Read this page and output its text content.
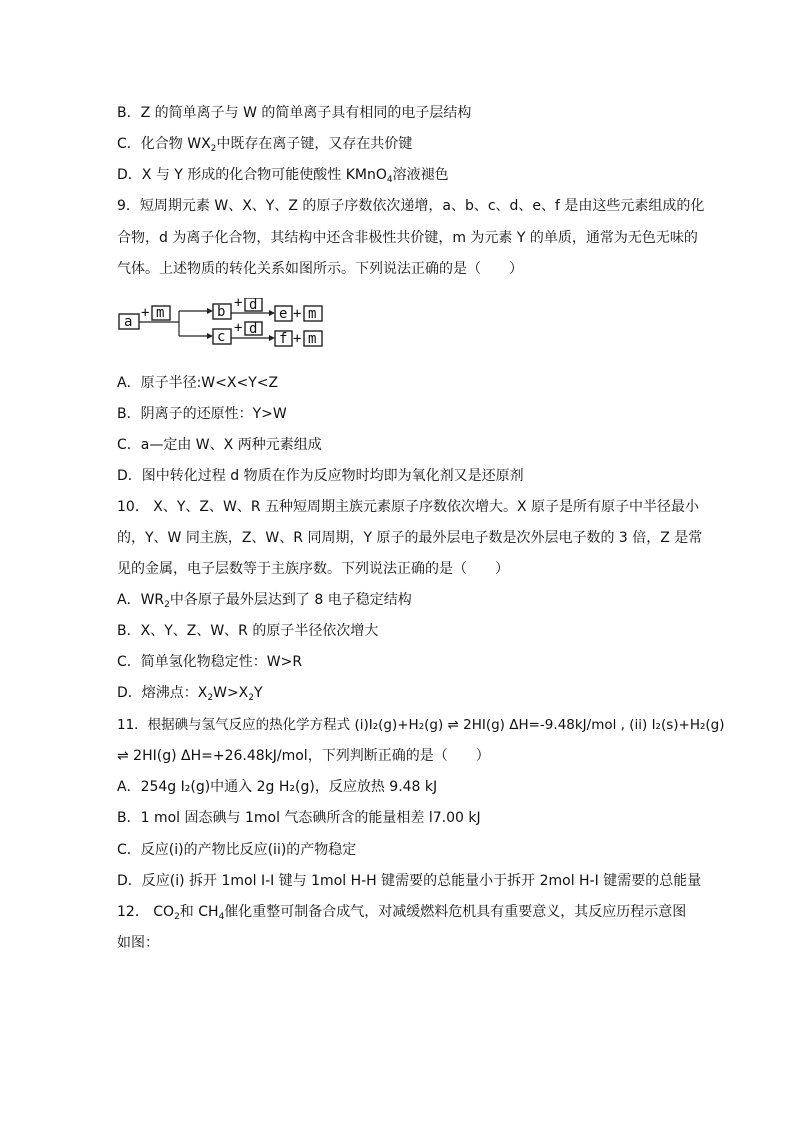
B．Z 的简单离子与 W 的简单离子具有相同的电子层结构
C．化合物 $WX_2$中既存在离子键，又存在共价键
D．X 与 Y 形成的化合物可能使酸性 KMnO$_4$溶液褪色
9．短周期元素 W、X、Y、Z 的原子序数依次递增，a、b、c、d、e、f 是由这些元素组成的化
合物，d 为离子化合物，其结构中还含非极性共价键，m 为元素 Y 的单质，通常为无色无味的
气体。上述物质的转化关系如图所示。下列说法正确的是（　　）
a
+ m	b
c
+ d
+ d
e + m
f + m
A．原子半径:W<X<Y<Z
B．阴离子的还原性：Y>W
C．a—定由 W、X 两种元素组成
D．图中转化过程 d 物质在作为反应物时均即为氧化剂又是还原剂
10． X、Y、Z、W、R 五种短周期主族元素原子序数依次增大。X 原子是所有原子中半径最小
的，Y、W 同主族，Z、W、R 同周期，Y 原子的最外层电子数是次外层电子数的 3 倍，Z 是常
见的金属，电子层数等于主族序数。下列说法正确的是（　　）
A．$WR_2$中各原子最外层达到了 8 电子稳定结构
B．X、Y、Z、W、R 的原子半径依次增大
C．简单氢化物稳定性：W>R
D．熔沸点：$X_2W>X_2Y$
11．根据碘与氢气反应的热化学方程式 (i)I₂(g)+H₂(g) ⇌ 2HI(g) ΔH=-9.48kJ/mol , (ii) I₂(s)+H₂(g)
⇌ 2HI(g) ΔH=+26.48kJ/mol，下列判断正确的是（　　）
A．254g I₂(g)中通入 2g H₂(g)，反应放热 9.48 kJ
B．1 mol 固态碘与 1mol 气态碘所含的能量相差 l7.00 kJ
C．反应(i)的产物比反应(ii)的产物稳定
D．反应(i) 拆开 1mol I-I 键与 1mol H-H 键需要的总能量小于拆开 2mol H-I 键需要的总能量
12． $CO_2$和 $CH_4$催化重整可制备合成气，对减缓燃料危机具有重要意义，其反应历程示意图
如图：
